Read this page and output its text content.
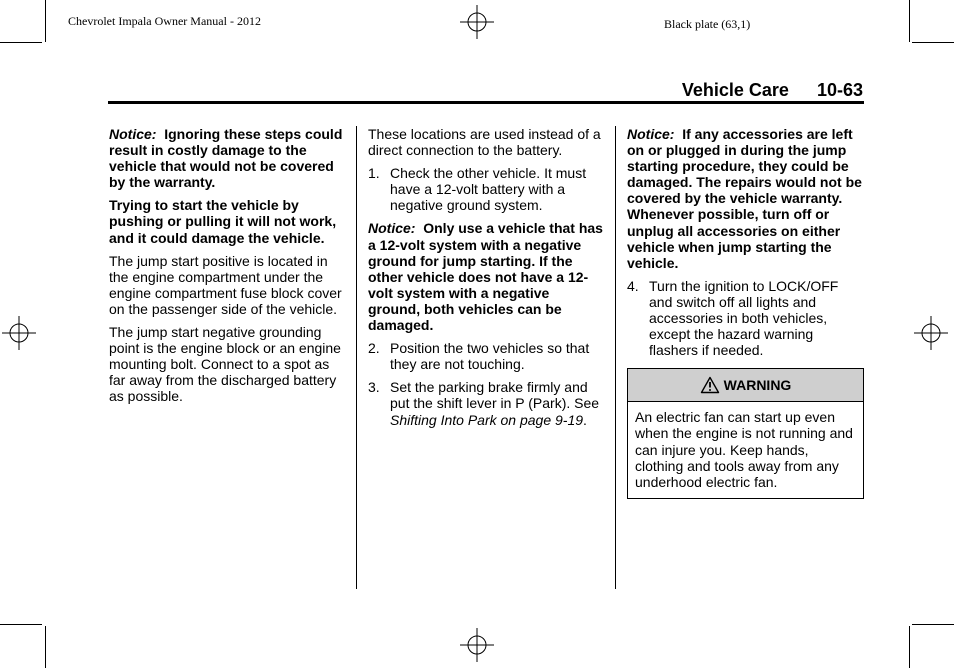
Chevrolet Impala Owner Manual - 2012	Black plate (63,1)
Vehicle Care 10-63

Notice: Ignoring these steps could result in costly damage to the vehicle that would not be covered by the warranty.

Trying to start the vehicle by pushing or pulling it will not work, and it could damage the vehicle.

The jump start positive is located in the engine compartment under the engine compartment fuse block cover on the passenger side of the vehicle.

The jump start negative grounding point is the engine block or an engine mounting bolt. Connect to a spot as far away from the discharged battery as possible.

These locations are used instead of a direct connection to the battery.

1. Check the other vehicle. It must have a 12-volt battery with a negative ground system.

Notice: Only use a vehicle that has a 12-volt system with a negative ground for jump starting. If the other vehicle does not have a 12-volt system with a negative ground, both vehicles can be damaged.

2. Position the two vehicles so that they are not touching.
3. Set the parking brake firmly and put the shift lever in P (Park). See Shifting Into Park on page 9-19.

Notice: If any accessories are left on or plugged in during the jump starting procedure, they could be damaged. The repairs would not be covered by the vehicle warranty. Whenever possible, turn off or unplug all accessories on either vehicle when jump starting the vehicle.

4. Turn the ignition to LOCK/OFF and switch off all lights and accessories in both vehicles, except the hazard warning flashers if needed.
WARNING
An electric fan can start up even when the engine is not running and can injure you. Keep hands, clothing and tools away from any underhood electric fan.
